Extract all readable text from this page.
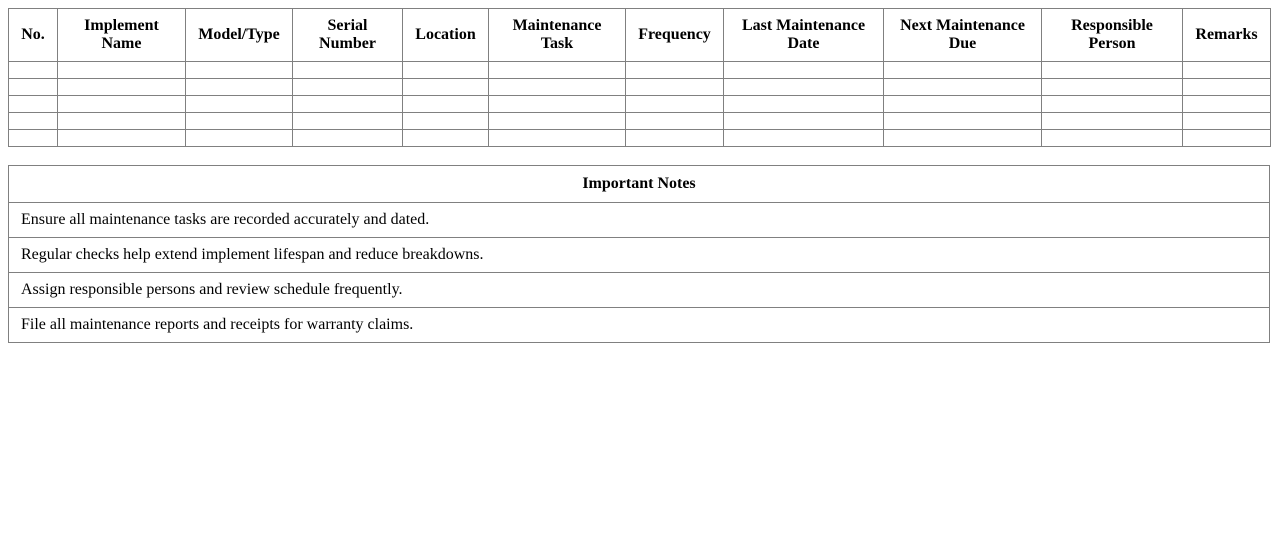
No.	Implement Name	Model/Type	Serial Number	Location	Maintenance Task	Frequency	Last Maintenance Date	Next Maintenance Due	Responsible Person	Remarks

Important Notes
Ensure all maintenance tasks are recorded accurately and dated.
Regular checks help extend implement lifespan and reduce breakdowns.
Assign responsible persons and review schedule frequently.
File all maintenance reports and receipts for warranty claims.
